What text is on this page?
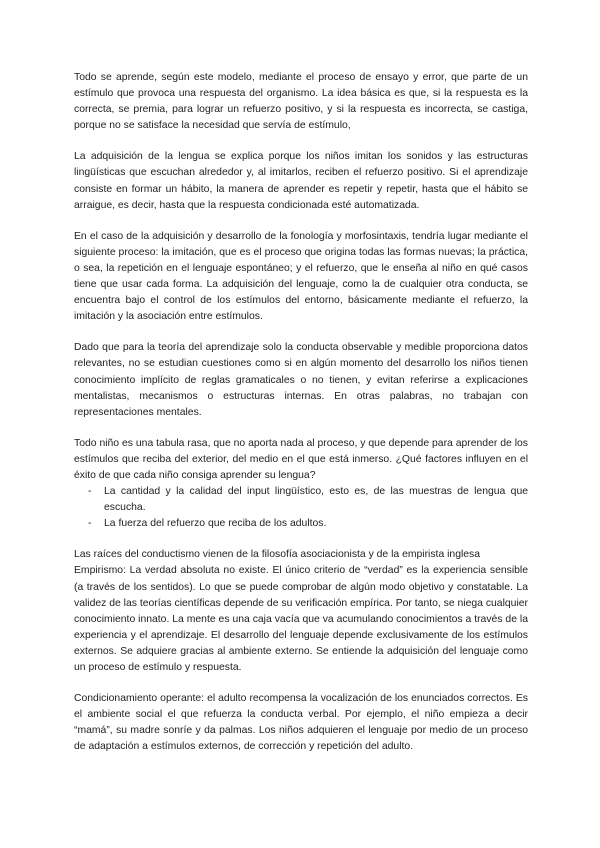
Todo se aprende, según este modelo, mediante el proceso de ensayo y error, que parte de un estímulo que provoca una respuesta del organismo. La idea básica es que, si la respuesta es la correcta, se premia, para lograr un refuerzo positivo, y si la respuesta es incorrecta, se castiga, porque no se satisface la necesidad que servía de estímulo,

La adquisición de la lengua se explica porque los niños imitan los sonidos y las estructuras lingüísticas que escuchan alrededor y, al imitarlos, reciben el refuerzo positivo. Si el aprendizaje consiste en formar un hábito, la manera de aprender es repetir y repetir, hasta que el hábito se arraigue, es decir, hasta que la respuesta condicionada esté automatizada.

En el caso de la adquisición y desarrollo de la fonología y morfosintaxis, tendría lugar mediante el siguiente proceso: la imitación, que es el proceso que origina todas las formas nuevas; la práctica, o sea, la repetición en el lenguaje espontáneo; y el refuerzo, que le enseña al niño en qué casos tiene que usar cada forma. La adquisición del lenguaje, como la de cualquier otra conducta, se encuentra bajo el control de los estímulos del entorno, básicamente mediante el refuerzo, la imitación y la asociación entre estímulos.

Dado que para la teoría del aprendizaje solo la conducta observable y medible proporciona datos relevantes, no se estudian cuestiones como si en algún momento del desarrollo los niños tienen conocimiento implícito de reglas gramaticales o no tienen, y evitan referirse a explicaciones mentalistas, mecanismos o estructuras internas. En otras palabras, no trabajan con representaciones mentales.

Todo niño es una tabula rasa, que no aporta nada al proceso, y que depende para aprender de los estímulos que reciba del exterior, del medio en el que está inmerso. ¿Qué factores influyen en el éxito de que cada niño consiga aprender su lengua?

- La cantidad y la calidad del input lingüístico, esto es, de las muestras de lengua que escucha.
- La fuerza del refuerzo que reciba de los adultos.

Las raíces del conductismo vienen de la filosofía asociacionista y de la empirista inglesa

Empirismo: La verdad absoluta no existe. El único criterio de “verdad” es la experiencia sensible (a través de los sentidos). Lo que se puede comprobar de algún modo objetivo y constatable. La validez de las teorías científicas depende de su verificación empírica. Por tanto, se niega cualquier conocimiento innato. La mente es una caja vacía que va acumulando conocimientos a través de la experiencia y el aprendizaje. El desarrollo del lenguaje depende exclusivamente de los estímulos externos. Se adquiere gracias al ambiente externo. Se entiende la adquisición del lenguaje como un proceso de estímulo y respuesta.

Condicionamiento operante: el adulto recompensa la vocalización de los enunciados correctos. Es el ambiente social el que refuerza la conducta verbal. Por ejemplo, el niño empieza a decir “mamá”, su madre sonríe y da palmas. Los niños adquieren el lenguaje por medio de un proceso de adaptación a estímulos externos, de corrección y repetición del adulto.
